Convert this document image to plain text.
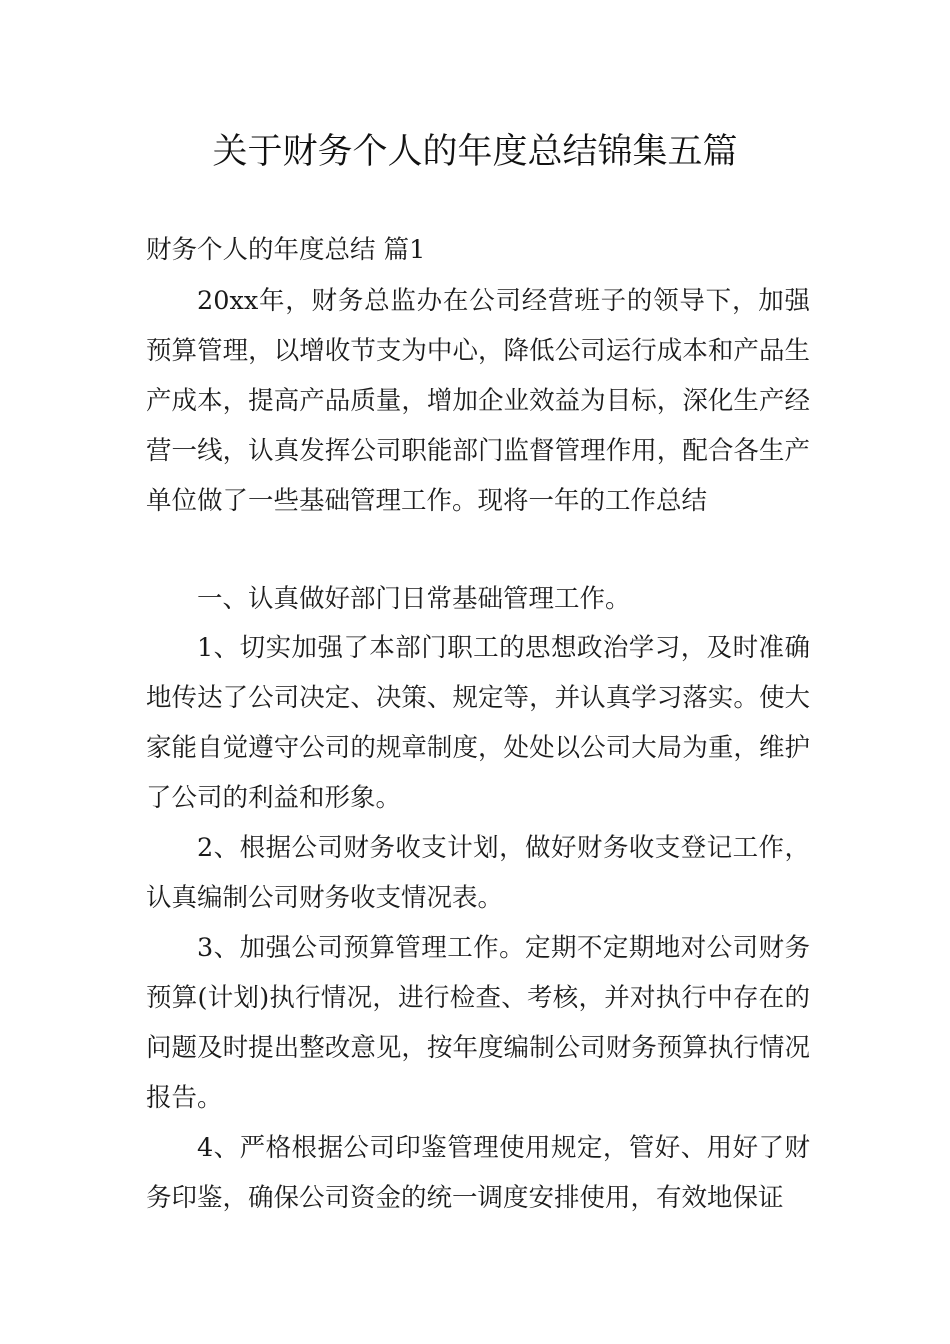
关于财务个人的年度总结锦集五篇

财务个人的年度总结 篇1

20xx年，财务总监办在公司经营班子的领导下，加强预算管理，以增收节支为中心，降低公司运行成本和产品生产成本，提高产品质量，增加企业效益为目标，深化生产经营一线，认真发挥公司职能部门监督管理作用，配合各生产单位做了一些基础管理工作。现将一年的工作总结

一、认真做好部门日常基础管理工作。

1、切实加强了本部门职工的思想政治学习，及时准确地传达了公司决定、决策、规定等，并认真学习落实。使大家能自觉遵守公司的规章制度，处处以公司大局为重，维护了公司的利益和形象。

2、根据公司财务收支计划，做好财务收支登记工作，认真编制公司财务收支情况表。

3、加强公司预算管理工作。定期不定期地对公司财务预算(计划)执行情况，进行检查、考核，并对执行中存在的问题及时提出整改意见，按年度编制公司财务预算执行情况报告。

4、严格根据公司印鉴管理使用规定，管好、用好了财务印鉴，确保公司资金的统一调度安排使用，有效地保证
